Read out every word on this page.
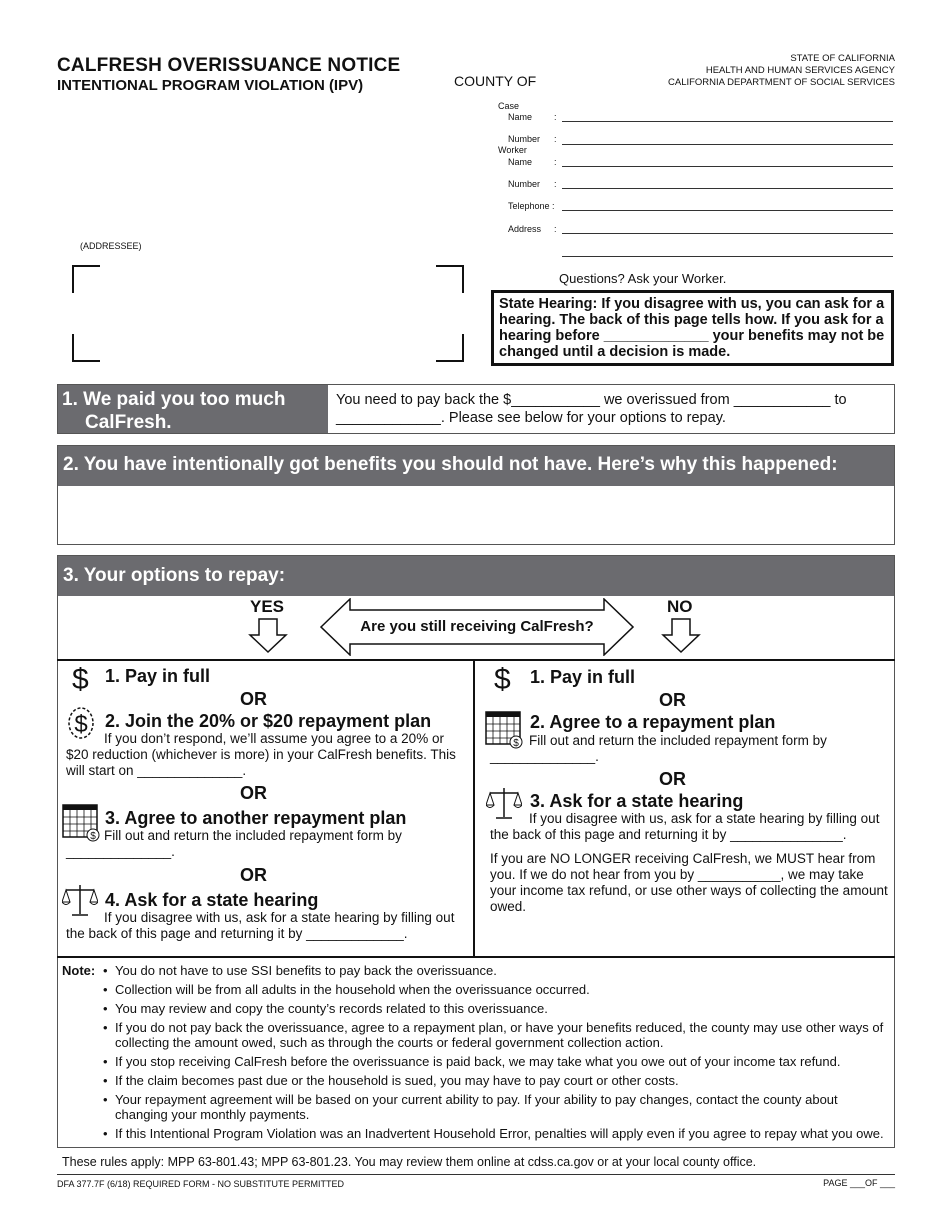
CALFRESH OVERISSUANCE NOTICE
INTENTIONAL PROGRAM VIOLATION (IPV)	COUNTY OF
STATE OF CALIFORNIA
HEALTH AND HUMAN SERVICES AGENCY
CALIFORNIA DEPARTMENT OF SOCIAL SERVICES
Case
Name :
Number :
Worker
Name :
Number :
Telephone :
Address :
(ADDRESSEE)
Questions? Ask your Worker.
State Hearing: If you disagree with us, you can ask for a hearing. The back of this page tells how. If you ask for a hearing before _____________ your benefits may not be changed until a decision is made.
1. We paid you too much
CalFresh.
You need to pay back the $___________ we overissued from ____________ to _____________. Please see below for your options to repay.
2. You have intentionally got benefits you should not have. Here’s why this happened:
3. Your options to repay:
YES	NO
Are you still receiving CalFresh?
$ 1. Pay in full
OR
$ 2. Join the 20% or $20 repayment plan
If you don’t respond, we’ll assume you agree to a 20% or $20 reduction (whichever is more) in your CalFresh benefits. This will start on ______________.
OR
$
3. Agree to another repayment plan
Fill out and return the included repayment form by ______________.
OR
4. Ask for a state hearing
If you disagree with us, ask for a state hearing by filling out the back of this page and returning it by _____________.
$ 1. Pay in full
OR
$
2. Agree to a repayment plan
Fill out and return the included repayment form by ______________.
OR
3. Ask for a state hearing
If you disagree with us, ask for a state hearing by filling out the back of this page and returning it by _______________.
If you are NO LONGER receiving CalFresh, we MUST hear from you. If we do not hear from you by ___________, we may take your income tax refund, or use other ways of collecting the amount owed.
Note:
•	You do not have to use SSI benefits to pay back the overissuance.
• Collection will be from all adults in the household when the overissuance occurred.
• You may review and copy the county’s records related to this overissuance.
• If you do not pay back the overissuance, agree to a repayment plan, or have your benefits reduced, the county may use other ways of collecting the amount owed, such as through the courts or federal government collection action.
• If you stop receiving CalFresh before the overissuance is paid back, we may take what you owe out of your income tax refund.
• If the claim becomes past due or the household is sued, you may have to pay court or other costs.
• Your repayment agreement will be based on your current ability to pay. If your ability to pay changes, contact the county about changing your monthly payments.
• If this Intentional Program Violation was an Inadvertent Household Error, penalties will apply even if you agree to repay what you owe.
These rules apply: MPP 63-801.43; MPP 63-801.23. You may review them online at cdss.ca.gov or at your local county office.
DFA 377.7F (6/18) REQUIRED FORM - NO SUBSTITUTE PERMITTED	PAGE ___OF ___
